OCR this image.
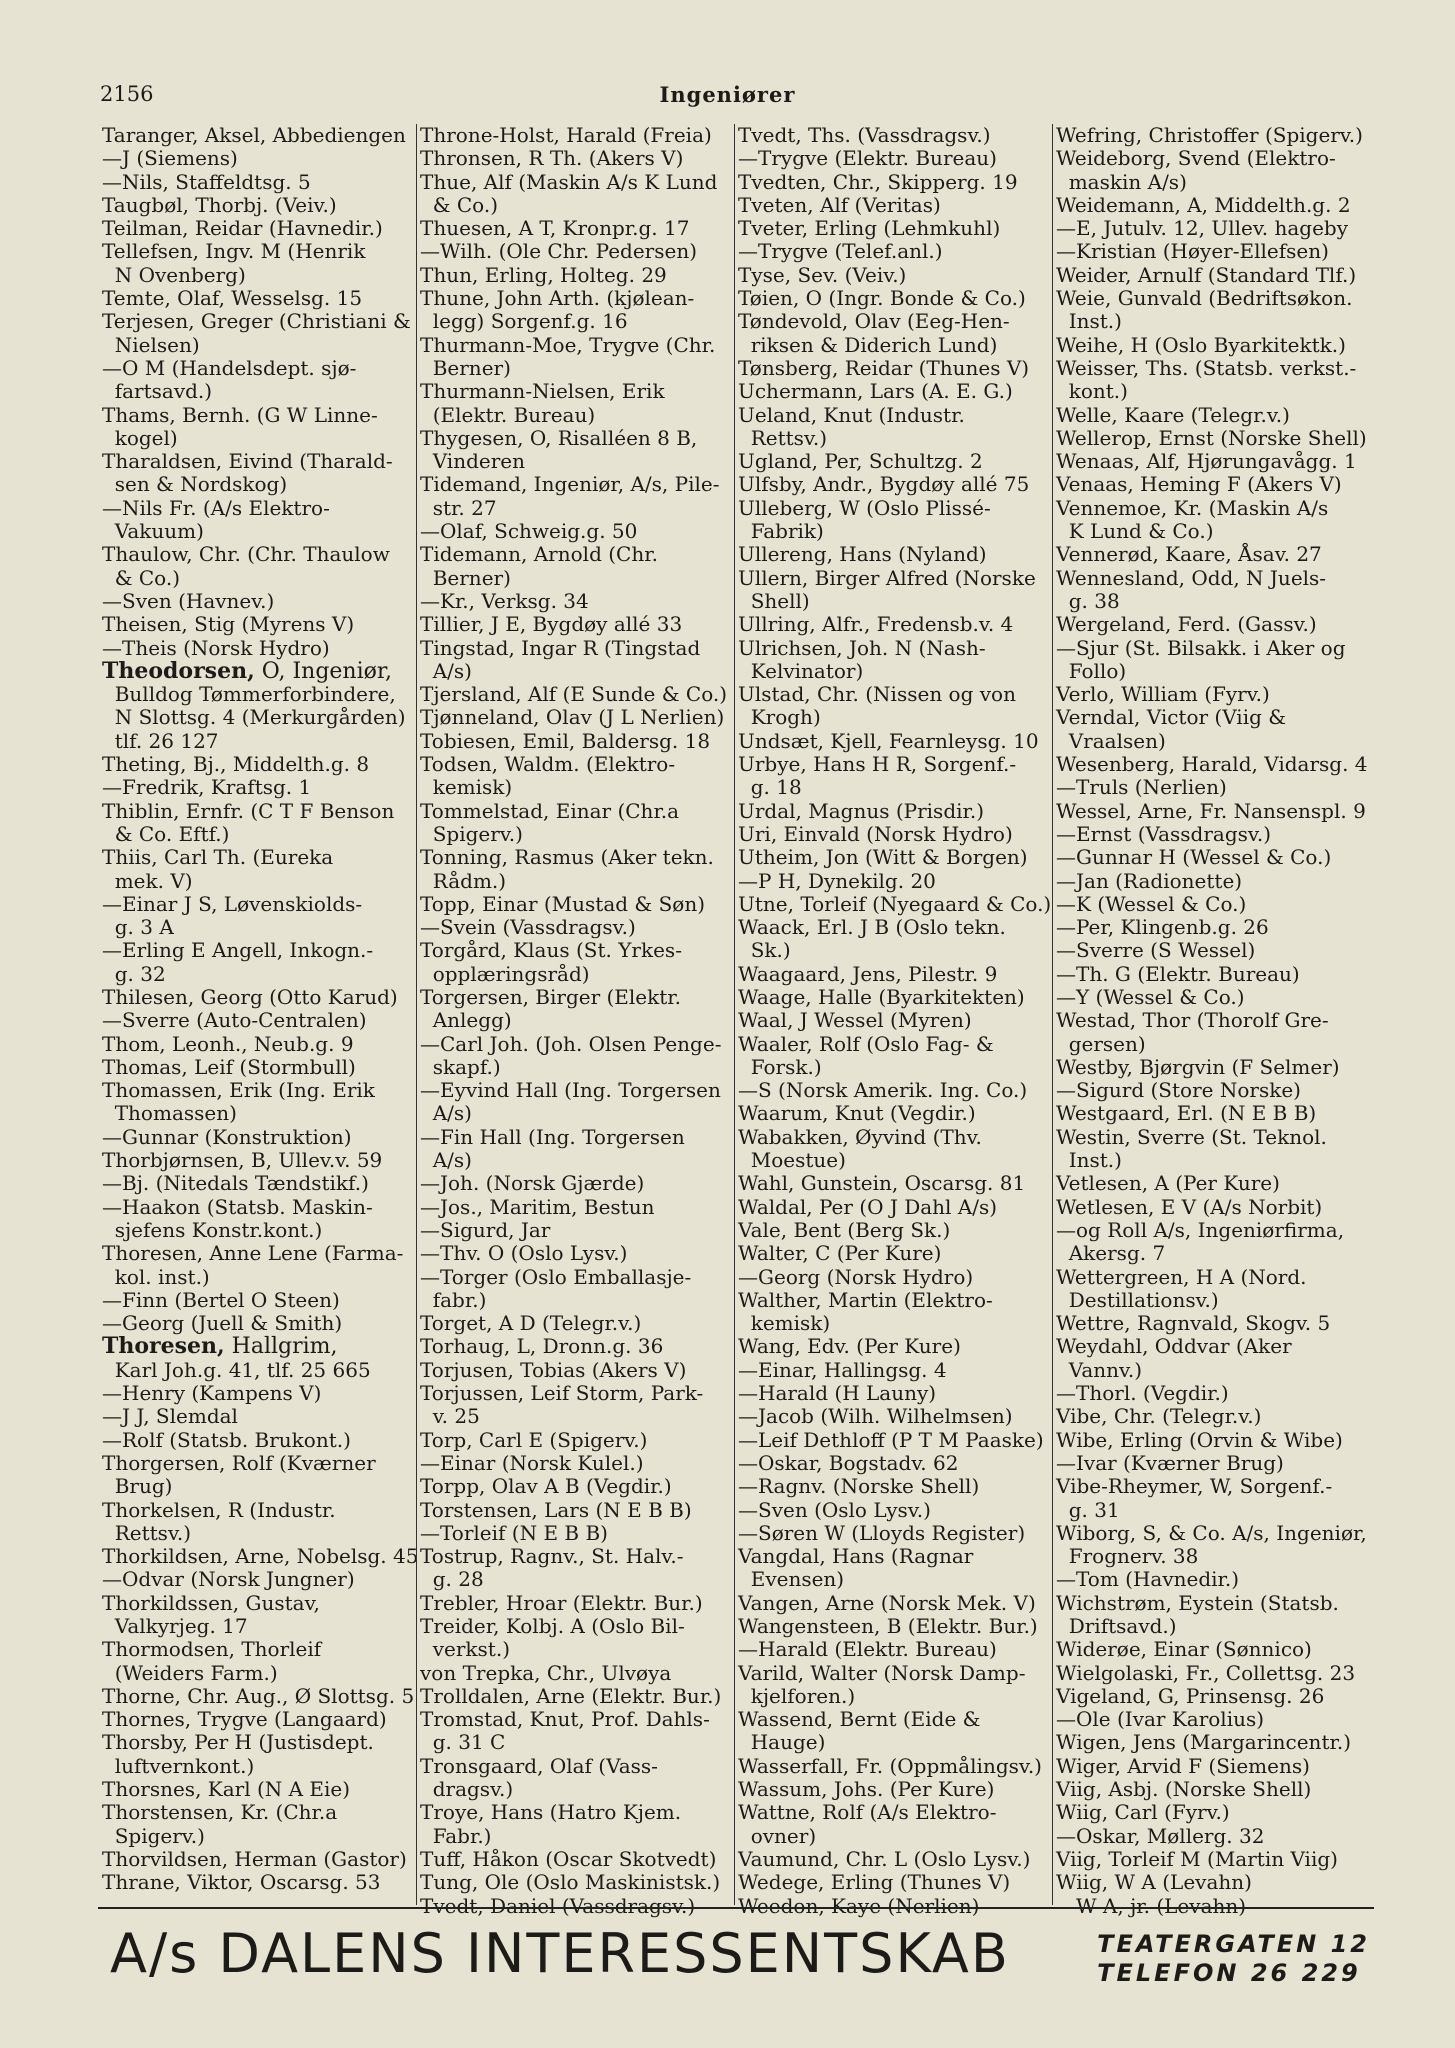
2156	Ingeniører
Taranger, Aksel, Abbediengen
—J (Siemens)
—Nils, Staffeldtsg. 5
Taugbøl, Thorbj. (Veiv.)
Teilman, Reidar (Havnedir.)
Tellefsen, Ingv. M (Henrik
N Ovenberg)
Temte, Olaf, Wesselsg. 15
Terjesen, Greger (Christiani &
Nielsen)
—O M (Handelsdept. sjø-
fartsavd.)
Thams, Bernh. (G W Linne-
kogel)
Tharaldsen, Eivind (Tharald-
sen & Nordskog)
—Nils Fr. (A/s Elektro-
Vakuum)
Thaulow, Chr. (Chr. Thaulow
& Co.)
—Sven (Havnev.)
Theisen, Stig (Myrens V)
—Theis (Norsk Hydro)
Theodorsen, O, Ingeniør,
Bulldog Tømmerforbindere,
N Slottsg. 4 (Merkurgården)
tlf. 26 127
Theting, Bj., Middelth.g. 8
—Fredrik, Kraftsg. 1
Thiblin, Ernfr. (C T F Benson
& Co. Eftf.)
Thiis, Carl Th. (Eureka
mek. V)
—Einar J S, Løvenskiolds-
g. 3 A
—Erling E Angell, Inkogn.-
g. 32
Thilesen, Georg (Otto Karud)
—Sverre (Auto-Centralen)
Thom, Leonh., Neub.g. 9
Thomas, Leif (Stormbull)
Thomassen, Erik (Ing. Erik
Thomassen)
—Gunnar (Konstruktion)
Thorbjørnsen, B, Ullev.v. 59
—Bj. (Nitedals Tændstikf.)
—Haakon (Statsb. Maskin-
sjefens Konstr.kont.)
Thoresen, Anne Lene (Farma-
kol. inst.)
—Finn (Bertel O Steen)
—Georg (Juell & Smith)
Thoresen, Hallgrim,
Karl Joh.g. 41, tlf. 25 665
—Henry (Kampens V)
—J J, Slemdal
—Rolf (Statsb. Brukont.)
Thorgersen, Rolf (Kværner
Brug)
Thorkelsen, R (Industr.
Rettsv.)
Thorkildsen, Arne, Nobelsg. 45
—Odvar (Norsk Jungner)
Thorkildssen, Gustav,
Valkyrjeg. 17
Thormodsen, Thorleif
(Weiders Farm.)
Thorne, Chr. Aug., Ø Slottsg. 5
Thornes, Trygve (Langaard)
Thorsby, Per H (Justisdept.
luftvernkont.)
Thorsnes, Karl (N A Eie)
Thorstensen, Kr. (Chr.a
Spigerv.)
Thorvildsen, Herman (Gastor)
Thrane, Viktor, Oscarsg. 53
Throne-Holst, Harald (Freia)
Thronsen, R Th. (Akers V)
Thue, Alf (Maskin A/s K Lund
& Co.)
Thuesen, A T, Kronpr.g. 17
—Wilh. (Ole Chr. Pedersen)
Thun, Erling, Holteg. 29
Thune, John Arth. (kjølean-
legg) Sorgenf.g. 16
Thurmann-Moe, Trygve (Chr.
Berner)
Thurmann-Nielsen, Erik
(Elektr. Bureau)
Thygesen, O, Risalléen 8 B,
Vinderen
Tidemand, Ingeniør, A/s, Pile-
str. 27
—Olaf, Schweig.g. 50
Tidemann, Arnold (Chr.
Berner)
—Kr., Verksg. 34
Tillier, J E, Bygdøy allé 33
Tingstad, Ingar R (Tingstad
A/s)
Tjersland, Alf (E Sunde & Co.)
Tjønneland, Olav (J L Nerlien)
Tobiesen, Emil, Baldersg. 18
Todsen, Waldm. (Elektro-
kemisk)
Tommelstad, Einar (Chr.a
Spigerv.)
Tonning, Rasmus (Aker tekn.
Rådm.)
Topp, Einar (Mustad & Søn)
—Svein (Vassdragsv.)
Torgård, Klaus (St. Yrkes-
opplæringsråd)
Torgersen, Birger (Elektr.
Anlegg)
—Carl Joh. (Joh. Olsen Penge-
skapf.)
—Eyvind Hall (Ing. Torgersen
A/s)
—Fin Hall (Ing. Torgersen
A/s)
—Joh. (Norsk Gjærde)
—Jos., Maritim, Bestun
—Sigurd, Jar
—Thv. O (Oslo Lysv.)
—Torger (Oslo Emballasje-
fabr.)
Torget, A D (Telegr.v.)
Torhaug, L, Dronn.g. 36
Torjusen, Tobias (Akers V)
Torjussen, Leif Storm, Park-
v. 25
Torp, Carl E (Spigerv.)
—Einar (Norsk Kulel.)
Torpp, Olav A B (Vegdir.)
Torstensen, Lars (N E B B)
—Torleif (N E B B)
Tostrup, Ragnv., St. Halv.-
g. 28
Trebler, Hroar (Elektr. Bur.)
Treider, Kolbj. A (Oslo Bil-
verkst.)
von Trepka, Chr., Ulvøya
Trolldalen, Arne (Elektr. Bur.)
Tromstad, Knut, Prof. Dahls-
g. 31 C
Tronsgaard, Olaf (Vass-
dragsv.)
Troye, Hans (Hatro Kjem.
Fabr.)
Tuff, Håkon (Oscar Skotvedt)
Tung, Ole (Oslo Maskinistsk.)
Tvedt, Daniel (Vassdragsv.)
Tvedt, Ths. (Vassdragsv.)
—Trygve (Elektr. Bureau)
Tvedten, Chr., Skipperg. 19
Tveten, Alf (Veritas)
Tveter, Erling (Lehmkuhl)
—Trygve (Telef.anl.)
Tyse, Sev. (Veiv.)
Tøien, O (Ingr. Bonde & Co.)
Tøndevold, Olav (Eeg-Hen-
riksen & Diderich Lund)
Tønsberg, Reidar (Thunes V)
Uchermann, Lars (A. E. G.)
Ueland, Knut (Industr.
Rettsv.)
Ugland, Per, Schultzg. 2
Ulfsby, Andr., Bygdøy allé 75
Ulleberg, W (Oslo Plissé-
Fabrik)
Ullereng, Hans (Nyland)
Ullern, Birger Alfred (Norske
Shell)
Ullring, Alfr., Fredensb.v. 4
Ulrichsen, Joh. N (Nash-
Kelvinator)
Ulstad, Chr. (Nissen og von
Krogh)
Undsæt, Kjell, Fearnleysg. 10
Urbye, Hans H R, Sorgenf.-
g. 18
Urdal, Magnus (Prisdir.)
Uri, Einvald (Norsk Hydro)
Utheim, Jon (Witt & Borgen)
—P H, Dynekilg. 20
Utne, Torleif (Nyegaard & Co.)
Waack, Erl. J B (Oslo tekn.
Sk.)
Waagaard, Jens, Pilestr. 9
Waage, Halle (Byarkitekten)
Waal, J Wessel (Myren)
Waaler, Rolf (Oslo Fag- &
Forsk.)
—S (Norsk Amerik. Ing. Co.)
Waarum, Knut (Vegdir.)
Wabakken, Øyvind (Thv.
Moestue)
Wahl, Gunstein, Oscarsg. 81
Waldal, Per (O J Dahl A/s)
Vale, Bent (Berg Sk.)
Walter, C (Per Kure)
—Georg (Norsk Hydro)
Walther, Martin (Elektro-
kemisk)
Wang, Edv. (Per Kure)
—Einar, Hallingsg. 4
—Harald (H Launy)
—Jacob (Wilh. Wilhelmsen)
—Leif Dethloff (P T M Paaske)
—Oskar, Bogstadv. 62
—Ragnv. (Norske Shell)
—Sven (Oslo Lysv.)
—Søren W (Lloyds Register)
Vangdal, Hans (Ragnar
Evensen)
Vangen, Arne (Norsk Mek. V)
Wangensteen, B (Elektr. Bur.)
—Harald (Elektr. Bureau)
Varild, Walter (Norsk Damp-
kjelforen.)
Wassend, Bernt (Eide &
Hauge)
Wasserfall, Fr. (Oppmålingsv.)
Wassum, Johs. (Per Kure)
Wattne, Rolf (A/s Elektro-
ovner)
Vaumund, Chr. L (Oslo Lysv.)
Wedege, Erling (Thunes V)
Weedon, Kaye (Nerlien)
Wefring, Christoffer (Spigerv.)
Weideborg, Svend (Elektro-
maskin A/s)
Weidemann, A, Middelth.g. 2
—E, Jutulv. 12, Ullev. hageby
—Kristian (Høyer-Ellefsen)
Weider, Arnulf (Standard Tlf.)
Weie, Gunvald (Bedriftsøkon.
Inst.)
Weihe, H (Oslo Byarkitektk.)
Weisser, Ths. (Statsb. verkst.-
kont.)
Welle, Kaare (Telegr.v.)
Wellerop, Ernst (Norske Shell)
Wenaas, Alf, Hjørungavågg. 1
Venaas, Heming F (Akers V)
Vennemoe, Kr. (Maskin A/s
K Lund & Co.)
Vennerød, Kaare, Åsav. 27
Wennesland, Odd, N Juels-
g. 38
Wergeland, Ferd. (Gassv.)
—Sjur (St. Bilsakk. i Aker og
Follo)
Verlo, William (Fyrv.)
Verndal, Victor (Viig &
Vraalsen)
Wesenberg, Harald, Vidarsg. 4
—Truls (Nerlien)
Wessel, Arne, Fr. Nansenspl. 9
—Ernst (Vassdragsv.)
—Gunnar H (Wessel & Co.)
—Jan (Radionette)
—K (Wessel & Co.)
—Per, Klingenb.g. 26
—Sverre (S Wessel)
—Th. G (Elektr. Bureau)
—Y (Wessel & Co.)
Westad, Thor (Thorolf Gre-
gersen)
Westby, Bjørgvin (F Selmer)
—Sigurd (Store Norske)
Westgaard, Erl. (N E B B)
Westin, Sverre (St. Teknol.
Inst.)
Vetlesen, A (Per Kure)
Wetlesen, E V (A/s Norbit)
—og Roll A/s, Ingeniørfirma,
Akersg. 7
Wettergreen, H A (Nord.
Destillationsv.)
Wettre, Ragnvald, Skogv. 5
Weydahl, Oddvar (Aker
Vannv.)
—Thorl. (Vegdir.)
Vibe, Chr. (Telegr.v.)
Wibe, Erling (Orvin & Wibe)
—Ivar (Kværner Brug)
Vibe-Rheymer, W, Sorgenf.-
g. 31
Wiborg, S, & Co. A/s, Ingeniør,
Frognerv. 38
—Tom (Havnedir.)
Wichstrøm, Eystein (Statsb.
Driftsavd.)
Widerøe, Einar (Sønnico)
Wielgolaski, Fr., Collettsg. 23
Vigeland, G, Prinsensg. 26
—Ole (Ivar Karolius)
Wigen, Jens (Margarincentr.)
Wiger, Arvid F (Siemens)
Viig, Asbj. (Norske Shell)
Wiig, Carl (Fyrv.)
—Oskar, Møllerg. 32
Viig, Torleif M (Martin Viig)
Wiig, W A (Levahn)
—W A, jr. (Levahn)
A/s DALENS INTERESSENTSKAB	TEATERGATEN 12
TELEFON 26 229
